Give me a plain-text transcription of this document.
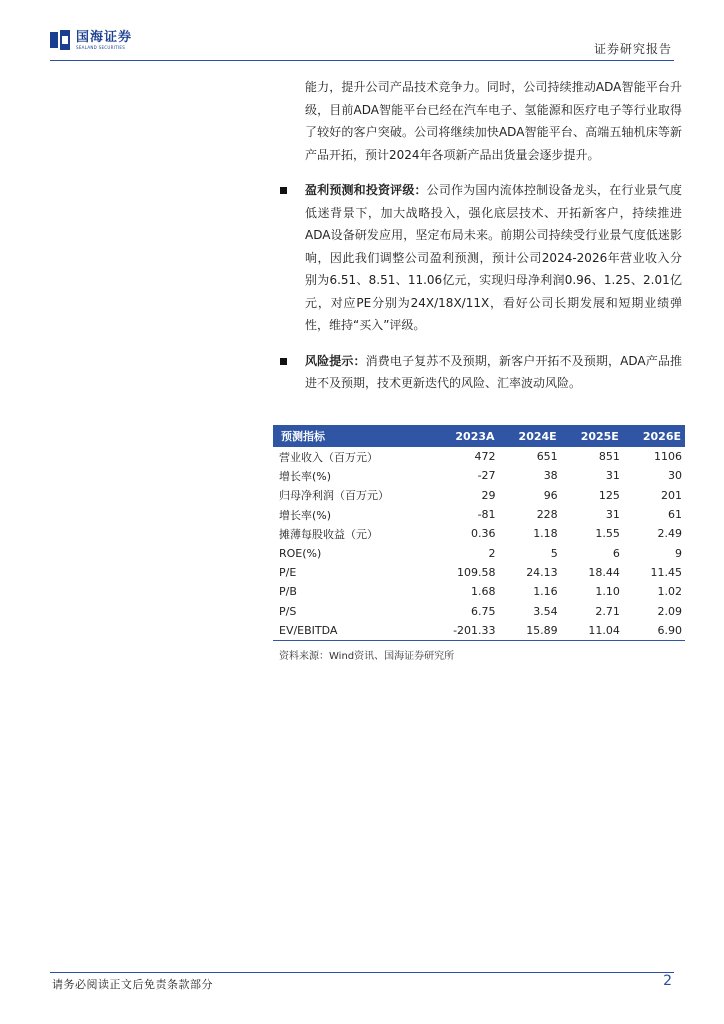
国海证券
SEALAND SECURITIES	证券研究报告

能力，提升公司产品技术竞争力。同时，公司持续推动ADA智能平台升级，目前ADA智能平台已经在汽车电子、氢能源和医疗电子等行业取得了较好的客户突破。公司将继续加快ADA智能平台、高端五轴机床等新产品开拓，预计2024年各项新产品出货量会逐步提升。

盈利预测和投资评级：公司作为国内流体控制设备龙头，在行业景气度低迷背景下，加大战略投入，强化底层技术、开拓新客户，持续推进ADA设备研发应用，坚定布局未来。前期公司持续受行业景气度低迷影响，因此我们调整公司盈利预测，预计公司2024-2026年营业收入分别为6.51、8.51、11.06亿元，实现归母净利润0.96、1.25、2.01亿元，对应PE分别为24X/18X/11X，看好公司长期发展和短期业绩弹性，维持“买入”评级。

风险提示：消费电子复苏不及预期，新客户开拓不及预期，ADA产品推进不及预期，技术更新迭代的风险、汇率波动风险。

预测指标	2023A	2024E	2025E	2026E
营业收入（百万元）	472	651	851	1106
增长率(%)	-27	38	31	30
归母净利润（百万元）	29	96	125	201
增长率(%)	-81	228	31	61
摊薄每股收益（元）	0.36	1.18	1.55	2.49
ROE(%)	2	5	6	9
P/E	109.58	24.13	18.44	11.45
P/B	1.68	1.16	1.10	1.02
P/S	6.75	3.54	2.71	2.09
EV/EBITDA	-201.33	15.89	11.04	6.90
资料来源：Wind资讯、国海证券研究所
请务必阅读正文后免责条款部分	2
